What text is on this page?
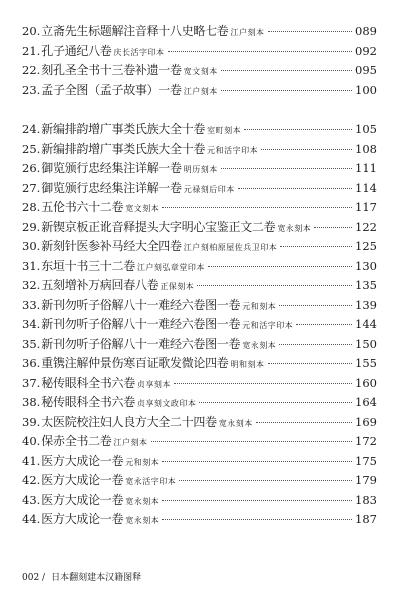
20. 立斋先生标题解注音释十八史略七卷 江户刻本	089
21. 孔子通纪八卷 庆长活字印本	092
22. 刻孔圣全书十三卷补遗一卷 宽文刻本	095
23. 孟子全图（孟子故事）一卷 江户刻本	100
24. 新编排韵增广事类氏族大全十卷 室町刻本	105
25. 新编排韵增广事类氏族大全十卷 元和活字印本	108
26. 御览颁行忠经集注详解一卷 明历刻本	111
27. 御览颁行忠经集注详解一卷 元禄刻后印本	114
28. 五伦书六十二卷 宽文刻本	117
29. 新锲京板正讹音释提头大字明心宝鉴正文二卷 宽永刻本	122
30. 新刻针医参补马经大全四卷 江户刻柏原屋佐兵卫印本	125
31. 东垣十书三十二卷 江户刻弘章堂印本	130
32. 五刻增补万病回春八卷 正保刻本	135
33. 新刊勿听子俗解八十一难经六卷图一卷 元和刻本	139
34. 新刊勿听子俗解八十一难经六卷图一卷 元和活字印本	144
35. 新刊勿听子俗解八十一难经六卷图一卷 宽永刻本	150
36. 重镌注解仲景伤寒百证歌发微论四卷 明和刻本	155
37. 秘传眼科全书六卷 贞享刻本	160
38. 秘传眼科全书六卷 贞享刻文政印本	164
39. 太医院校注妇人良方大全二十四卷 宽永刻本	169
40. 保赤全书二卷 江户刻本	172
41. 医方大成论一卷 元和刻本	175
42. 医方大成论一卷 宽永活字印本	179
43. 医方大成论一卷 宽永刻本	183
44. 医方大成论一卷 宽永刻本	187
002 / 日本翻刻建本汉籍图释
